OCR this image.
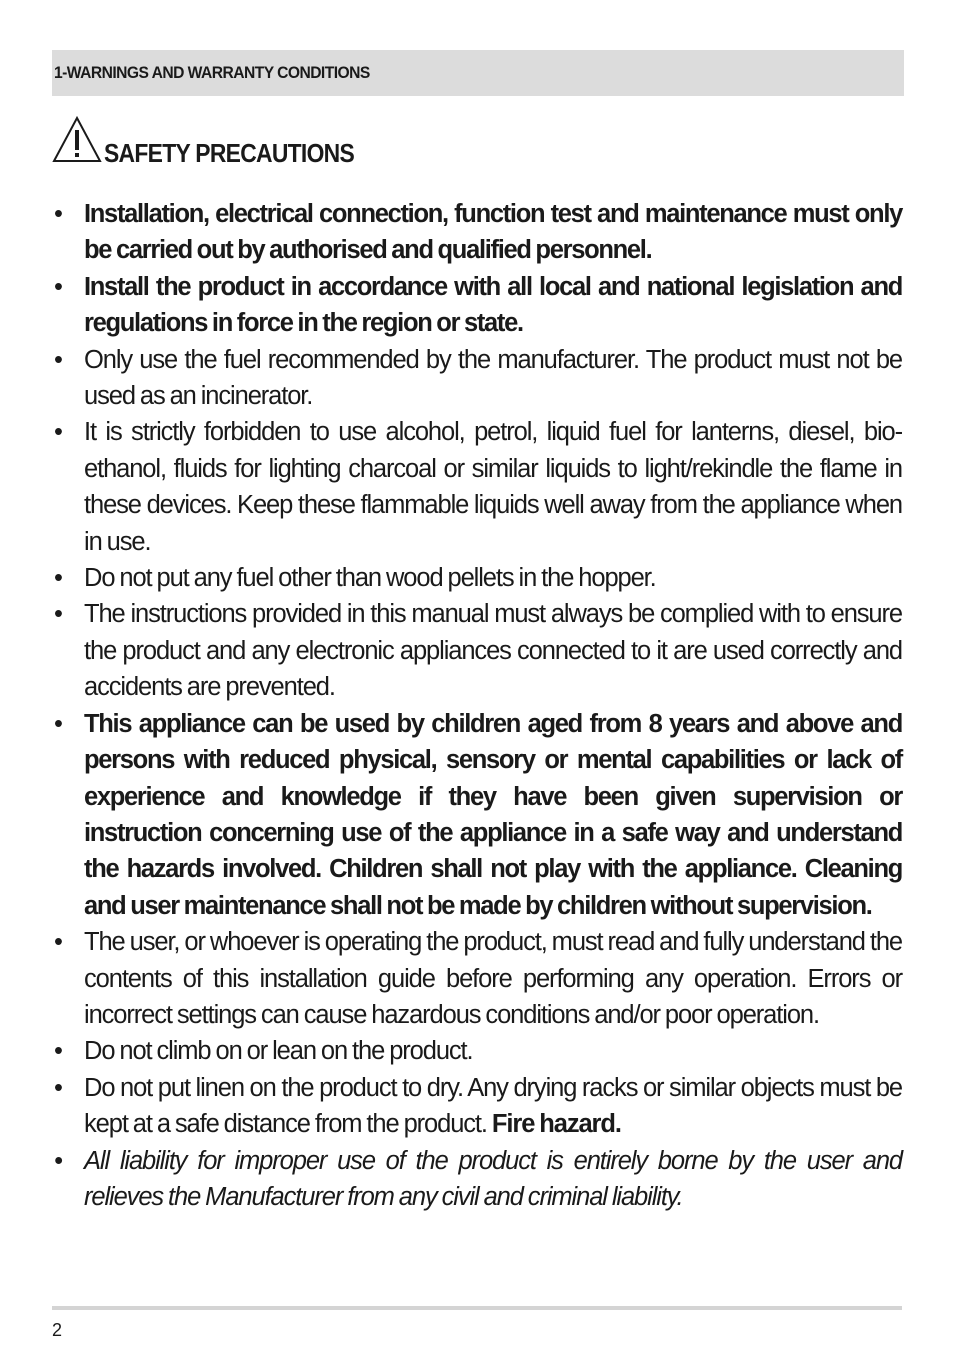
1-WARNINGS AND WARRANTY CONDITIONS
SAFETY PRECAUTIONS
• Installation, electrical connection, function test and maintenance must only be carried out by authorised and qualified personnel.
• Install the product in accordance with all local and national legislation and regulations in force in the region or state.
• Only use the fuel recommended by the manufacturer. The product must not be used as an incinerator.
• It is strictly forbidden to use alcohol, petrol, liquid fuel for lanterns, diesel, bio-ethanol, fluids for lighting charcoal or similar liquids to light/rekindle the flame in these devices. Keep these flammable liquids well away from the appliance when in use.
• Do not put any fuel other than wood pellets in the hopper.
• The instructions provided in this manual must always be complied with to ensure the product and any electronic appliances connected to it are used correctly and accidents are prevented.
• This appliance can be used by children aged from 8 years and above and persons with reduced physical, sensory or mental capabilities or lack of experience and knowledge if they have been given supervision or instruction concerning use of the appliance in a safe way and understand the hazards involved. Children shall not play with the appliance. Cleaning and user maintenance shall not be made by children without supervision.
• The user, or whoever is operating the product, must read and fully understand the contents of this installation guide before performing any operation. Errors or incorrect settings can cause hazardous conditions and/or poor operation.
• Do not climb on or lean on the product.
• Do not put linen on the product to dry. Any drying racks or similar objects must be kept at a safe distance from the product. Fire hazard.
• All liability for improper use of the product is entirely borne by the user and relieves the Manufacturer from any civil and criminal liability.
2
